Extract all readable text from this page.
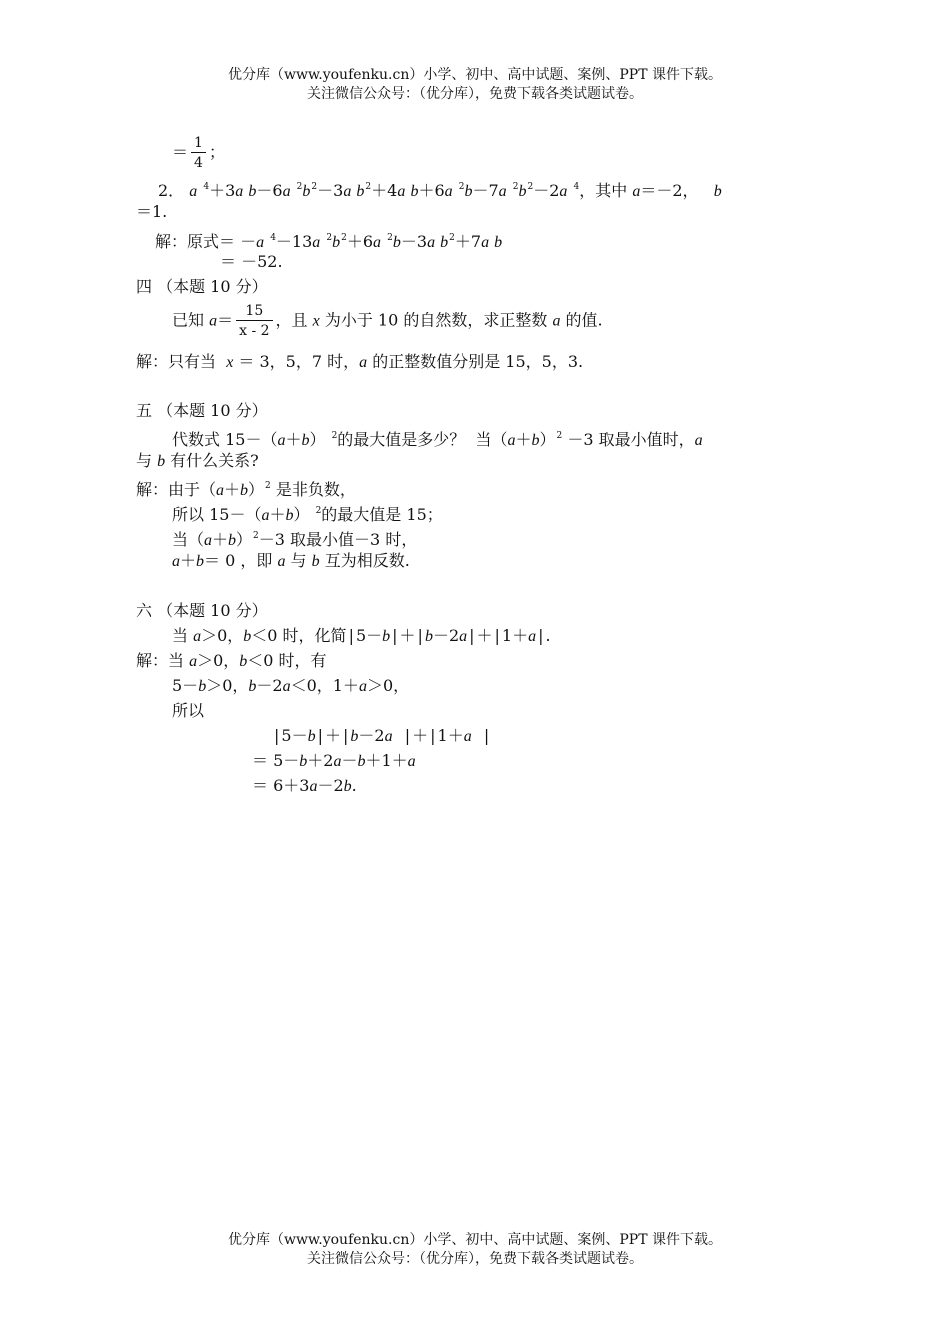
优分库（www.youfenku.cn）小学、初中、高中试题、案例、PPT 课件下载。
关注微信公众号：（优分库），免费下载各类试题试卷。
＝ $\frac{1}{4}$ ；
2． a $^4$＋3a b－6a $^2b^2-3a$ $b^2+4a$ b＋6a $^2$b－7a $^2b^2-2a$ $^4$，其中 a＝－2，   b
＝1.
解：原式＝ －a $^4$－13a $^2b^2+6a$ $^2$b－3a $b^2+7a$ b
＝ －52.
四 （本题 10 分）
已知 $a= \frac{15}{x - 2}$ ，且 x 为小于 10 的自然数，求正整数 a 的值.
解：只有当  x ＝ 3，5，7 时，a 的正整数值分别是 15，5，3.
五 （本题 10 分）
代数式 15－（a＋b） $^2$的最大值是多少？  当$(a+b)^2 -3$ 取最小值时，a
与 b 有什么关系?
解：由于$(a+b)^2$ 是非负数，
所以 15－（a＋b） $^2$的最大值是 15；
当$(a+b)^2-3$ 取最小值－3 时，
a＋b＝ 0 ，即 a 与 b 互为相反数.
六 （本题 10 分）
当 a＞0，b＜0 时，化简 | 5－b | ＋ | b－2a | ＋ | 1＋a | .
解：当 a＞0，b＜0 时，有
5－b＞0，b－2a＜0，1＋a＞0，
所以
| 5－b | ＋ | b－2a | ＋ | 1＋a |
＝ 5－b＋2a－b＋1＋a
＝ 6＋3a－2b.
优分库（www.youfenku.cn）小学、初中、高中试题、案例、PPT 课件下载。
关注微信公众号：（优分库），免费下载各类试题试卷。
